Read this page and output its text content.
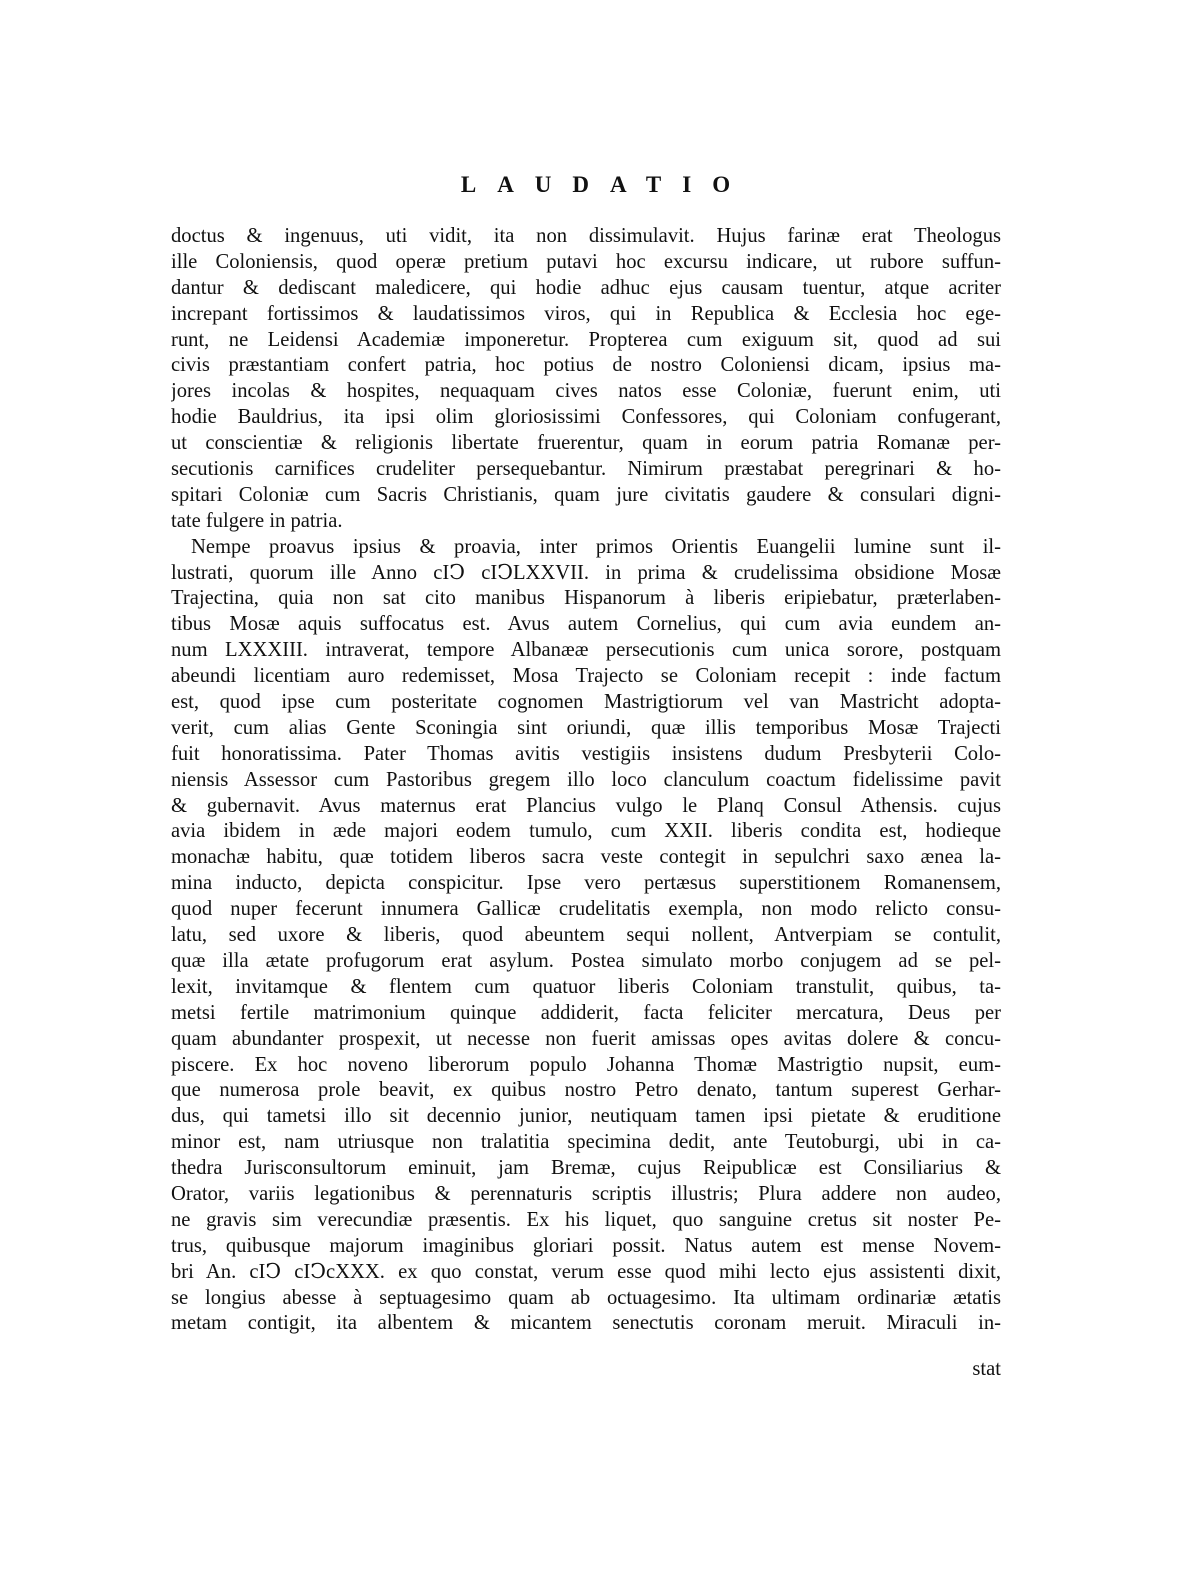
LAUDATIO
doctus & ingenuus, uti vidit, ita non dissimulavit. Hujus farinæ erat Theologus
ille Coloniensis, quod operæ pretium putavi hoc excursu indicare, ut rubore suffun-
dantur & dediscant maledicere, qui hodie adhuc ejus causam tuentur, atque acriter
increpant fortissimos & laudatissimos viros, qui in Republica & Ecclesia hoc ege-
runt, ne Leidensi Academiæ imponeretur. Propterea cum exiguum sit, quod ad sui
civis præstantiam confert patria, hoc potius de nostro Coloniensi dicam, ipsius ma-
jores incolas & hospites, nequaquam cives natos esse Coloniæ, fuerunt enim, uti
hodie Bauldrius, ita ipsi olim gloriosissimi Confessores, qui Coloniam confugerant,
ut conscientiæ & religionis libertate fruerentur, quam in eorum patria Romanæ per-
secutionis carnifices crudeliter persequebantur. Nimirum præstabat peregrinari & ho-
spitari Coloniæ cum Sacris Christianis, quam jure civitatis gaudere & consulari digni-
tate fulgere in patria.
Nempe proavus ipsius & proavia, inter primos Orientis Euangelii lumine sunt il-
lustrati, quorum ille Anno cIↃ cIↃLXXVII. in prima & crudelissima obsidione Mosæ
Trajectina, quia non sat cito manibus Hispanorum à liberis eripiebatur, præterlaben-
tibus Mosæ aquis suffocatus est. Avus autem Cornelius, qui cum avia eundem an-
num LXXXIII. intraverat, tempore Albanææ persecutionis cum unica sorore, postquam
abeundi licentiam auro redemisset, Mosa Trajecto se Coloniam recepit : inde factum
est, quod ipse cum posteritate cognomen Mastrigtiorum vel van Mastricht adopta-
verit, cum alias Gente Sconingia sint oriundi, quæ illis temporibus Mosæ Trajecti
fuit honoratissima. Pater Thomas avitis vestigiis insistens dudum Presbyterii Colo-
niensis Assessor cum Pastoribus gregem illo loco clanculum coactum fidelissime pavit
& gubernavit. Avus maternus erat Plancius vulgo le Planq Consul Athensis. cujus
avia ibidem in æde majori eodem tumulo, cum XXII. liberis condita est, hodieque
monachæ habitu, quæ totidem liberos sacra veste contegit in sepulchri saxo ænea la-
mina inducto, depicta conspicitur. Ipse vero pertæsus superstitionem Romanensem,
quod nuper fecerunt innumera Gallicæ crudelitatis exempla, non modo relicto consu-
latu, sed uxore & liberis, quod abeuntem sequi nollent, Antverpiam se contulit,
quæ illa ætate profugorum erat asylum. Postea simulato morbo conjugem ad se pel-
lexit, invitamque & flentem cum quatuor liberis Coloniam transtulit, quibus, ta-
metsi fertile matrimonium quinque addiderit, facta feliciter mercatura, Deus per
quam abundanter prospexit, ut necesse non fuerit amissas opes avitas dolere & concu-
piscere. Ex hoc noveno liberorum populo Johanna Thomæ Mastrigtio nupsit, eum-
que numerosa prole beavit, ex quibus nostro Petro denato, tantum superest Gerhar-
dus, qui tametsi illo sit decennio junior, neutiquam tamen ipsi pietate & eruditione
minor est, nam utriusque non tralatitia specimina dedit, ante Teutoburgi, ubi in ca-
thedra Jurisconsultorum eminuit, jam Bremæ, cujus Reipublicæ est Consiliarius &
Orator, variis legationibus & perennaturis scriptis illustris; Plura addere non audeo,
ne gravis sim verecundiæ præsentis. Ex his liquet, quo sanguine cretus sit noster Pe-
trus, quibusque majorum imaginibus gloriari possit. Natus autem est mense Novem-
bri An. cIↃ cIↃcXXX. ex quo constat, verum esse quod mihi lecto ejus assistenti dixit,
se longius abesse à septuagesimo quam ab octuagesimo. Ita ultimam ordinariæ ætatis
metam contigit, ita albentem & micantem senectutis coronam meruit. Miraculi in-
stat
